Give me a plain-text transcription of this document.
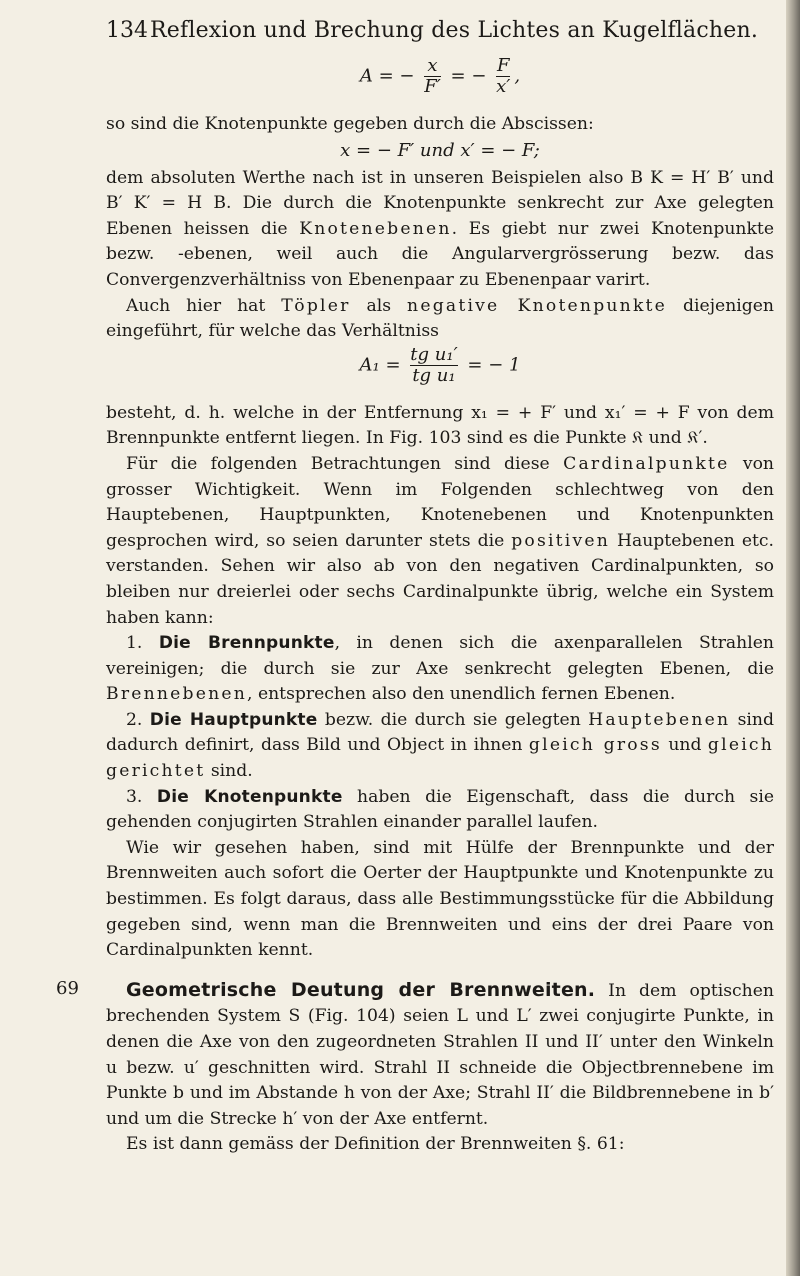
134 Reflexion und Brechung des Lichtes an Kugelflächen.
A = − $\frac{x}{F'}$ = − $\frac{F}{x'}$ ,

so sind die Knotenpunkte gegeben durch die Abscissen:

x = − F′ und x′ = − F;

dem absoluten Werthe nach ist in unseren Beispielen also B K = H′ B′ und B′ K′ = H B. Die durch die Knotenpunkte senkrecht zur Axe gelegten Ebenen heissen die Knotenebenen. Es giebt nur zwei Knotenpunkte bezw. -ebenen, weil auch die Angularvergrösserung bezw. das Convergenzverhältniss von Ebenenpaar zu Ebenenpaar varirt.

Auch hier hat Töpler als negative Knotenpunkte diejenigen eingeführt, für welche das Verhältniss

$A_1 = \frac{\text{tg u₁′}}{\text{tg u₁}}$ = − 1

besteht, d. h. welche in der Entfernung x₁ = + F′ und x₁′ = + F von dem Brennpunkte entfernt liegen. In Fig. 103 sind es die Punkte 𝔎 und 𝔎′.

Für die folgenden Betrachtungen sind diese Cardinalpunkte von grosser Wichtigkeit. Wenn im Folgenden schlechtweg von den Hauptebenen, Hauptpunkten, Knotenebenen und Knotenpunkten gesprochen wird, so seien darunter stets die positiven Hauptebenen etc. verstanden. Sehen wir also ab von den negativen Cardinalpunkten, so bleiben nur dreierlei oder sechs Cardinalpunkte übrig, welche ein System haben kann:

1. Die Brennpunkte, in denen sich die axenparallelen Strahlen vereinigen; die durch sie zur Axe senkrecht gelegten Ebenen, die Brennebenen, entsprechen also den unendlich fernen Ebenen.

2. Die Hauptpunkte bezw. die durch sie gelegten Hauptebenen sind dadurch definirt, dass Bild und Object in ihnen gleich gross und gleich gerichtet sind.

3. Die Knotenpunkte haben die Eigenschaft, dass die durch sie gehenden conjugirten Strahlen einander parallel laufen.

Wie wir gesehen haben, sind mit Hülfe der Brennpunkte und der Brennweiten auch sofort die Oerter der Hauptpunkte und Knotenpunkte zu bestimmen. Es folgt daraus, dass alle Bestimmungsstücke für die Abbildung gegeben sind, wenn man die Brennweiten und eins der drei Paare von Cardinalpunkten kennt.

69	Geometrische Deutung der Brennweiten. In dem optischen brechenden System S (Fig. 104) seien L und L′ zwei conjugirte Punkte, in denen die Axe von den zugeordneten Strahlen II und II′ unter den Winkeln u bezw. u′ geschnitten wird. Strahl II schneide die Objectbrennebene im Punkte b und im Abstande h von der Axe; Strahl II′ die Bildbrennebene in b′ und um die Strecke h′ von der Axe entfernt.

Es ist dann gemäss der Definition der Brennweiten §. 61:
